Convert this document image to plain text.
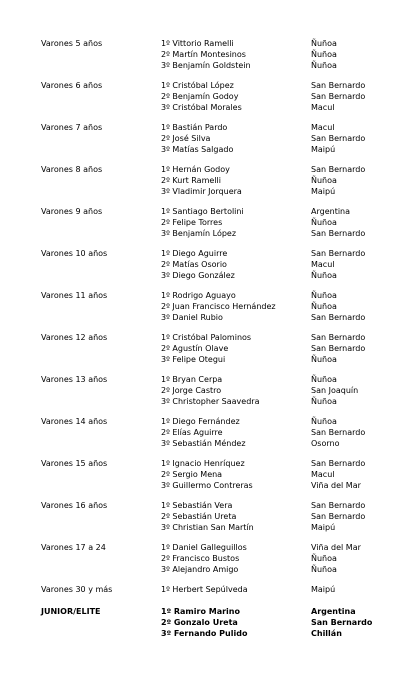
Varones 5 años	1º Vittorio Ramelli	Ñuñoa
2º Martín Montesinos	Ñuñoa
3º Benjamín Goldstein	Ñuñoa
Varones 6 años	1º Cristóbal López	San Bernardo
2º Benjamín Godoy	San Bernardo
3º Cristóbal Morales	Macul
Varones 7 años	1º Bastián Pardo	Macul
2º José Silva	San Bernardo
3º Matías Salgado	Maipú
Varones 8 años	1º Hernán Godoy	San Bernardo
2º Kurt Ramelli	Ñuñoa
3º Vladimir Jorquera	Maipú
Varones 9 años	1º Santiago Bertolini	Argentina
2º Felipe Torres	Ñuñoa
3º Benjamín López	San Bernardo
Varones 10 años	1º Diego Aguirre	San Bernardo
2º Matías Osorio	Macul
3º Diego González	Ñuñoa
Varones 11 años	1º Rodrigo Aguayo	Ñuñoa
2º Juan Francisco Hernández	Ñuñoa
3º Daniel Rubio	San Bernardo
Varones 12 años	1º Cristóbal Palominos	San Bernardo
2º Agustín Olave	San Bernardo
3º Felipe Otegui	Ñuñoa
Varones 13 años	1º Bryan Cerpa	Ñuñoa
2º Jorge Castro	San Joaquín
3º Christopher Saavedra	Ñuñoa
Varones 14 años	1º Diego Fernández	Ñuñoa
2º Elías Aguirre	San Bernardo
3º Sebastián Méndez	Osorno
Varones 15 años	1º Ignacio Henríquez	San Bernardo
2º Sergio Mena	Macul
3º Guillermo Contreras	Viña del Mar
Varones 16 años	1º Sebastián Vera	San Bernardo
2º Sebastián Ureta	San Bernardo
3º Christian San Martín	Maipú
Varones 17 a 24	1º Daniel Galleguillos	Viña del Mar
2º Francisco Bustos	Ñuñoa
3º Alejandro Amigo	Ñuñoa
Varones 30 y más	1º Herbert Sepúlveda	Maipú
JUNIOR/ELITE	1º Ramiro Marino	Argentina
2º Gonzalo Ureta	San Bernardo
3º Fernando Pulido	Chillán
